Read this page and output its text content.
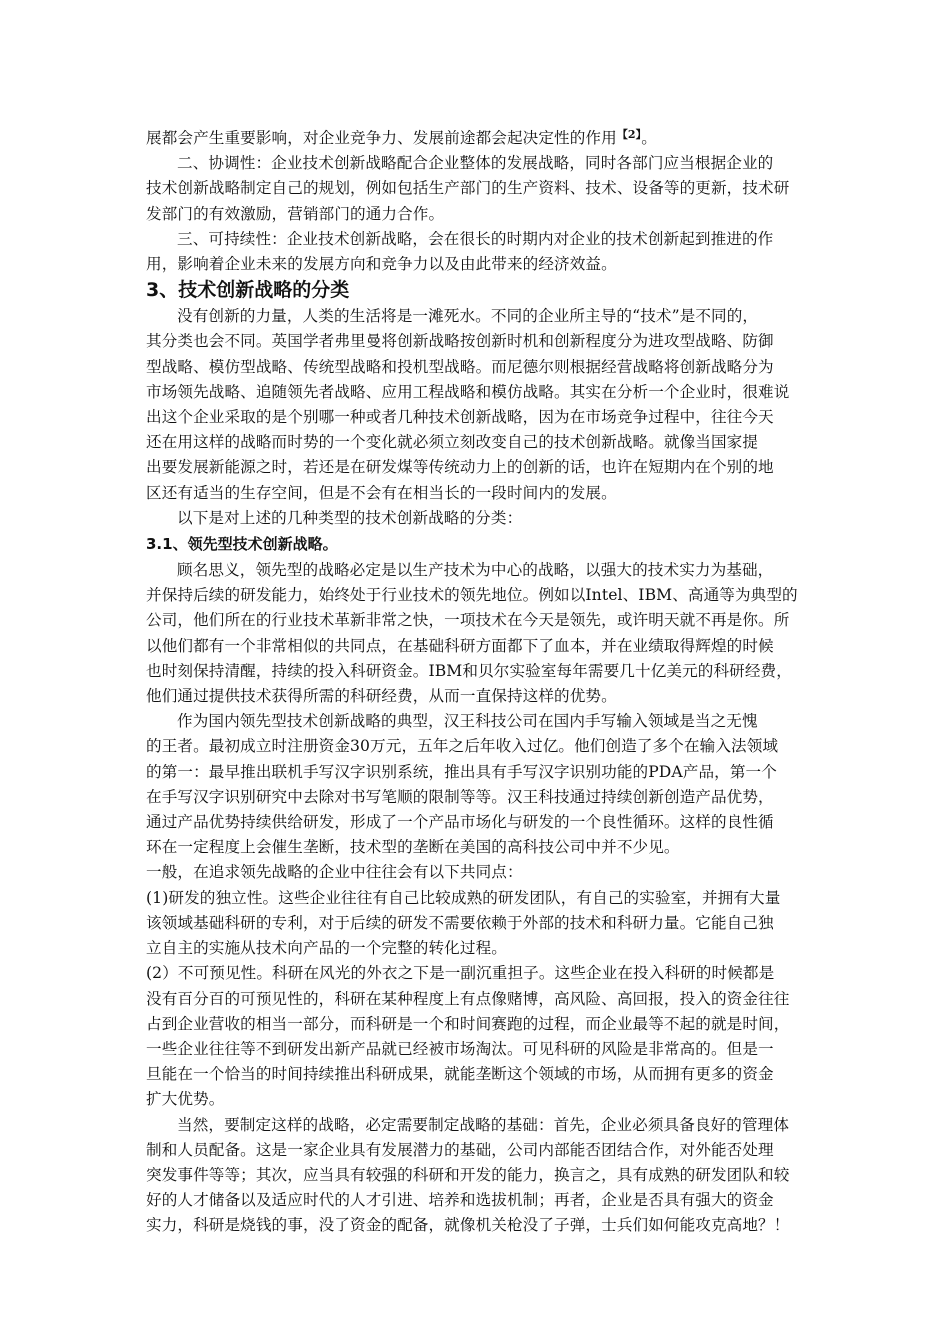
展都会产生重要影响，对企业竞争力、发展前途都会起决定性的作用$^{【2】}$。
二、协调性：企业技术创新战略配合企业整体的发展战略，同时各部门应当根据企业的
技术创新战略制定自己的规划，例如包括生产部门的生产资料、技术、设备等的更新，技术研
发部门的有效激励，营销部门的通力合作。
三、可持续性：企业技术创新战略，会在很长的时期内对企业的技术创新起到推进的作
用，影响着企业未来的发展方向和竞争力以及由此带来的经济效益。
3、技术创新战略的分类
没有创新的力量，人类的生活将是一滩死水。不同的企业所主导的“技术”是不同的，
其分类也会不同。英国学者弗里曼将创新战略按创新时机和创新程度分为进攻型战略、防御
型战略、模仿型战略、传统型战略和投机型战略。而尼德尔则根据经营战略将创新战略分为
市场领先战略、追随领先者战略、应用工程战略和模仿战略。其实在分析一个企业时，很难说
出这个企业采取的是个别哪一种或者几种技术创新战略，因为在市场竞争过程中，往往今天
还在用这样的战略而时势的一个变化就必须立刻改变自己的技术创新战略。就像当国家提
出要发展新能源之时，若还是在研发煤等传统动力上的创新的话，也许在短期内在个别的地
区还有适当的生存空间，但是不会有在相当长的一段时间内的发展。
以下是对上述的几种类型的技术创新战略的分类：
3.1、领先型技术创新战略。
顾名思义，领先型的战略必定是以生产技术为中心的战略，以强大的技术实力为基础，
并保持后续的研发能力，始终处于行业技术的领先地位。例如以Intel、IBM、高通等为典型的
公司，他们所在的行业技术革新非常之快，一项技术在今天是领先，或许明天就不再是你。所
以他们都有一个非常相似的共同点，在基础科研方面都下了血本，并在业绩取得辉煌的时候
也时刻保持清醒，持续的投入科研资金。IBM和贝尔实验室每年需要几十亿美元的科研经费，
他们通过提供技术获得所需的科研经费，从而一直保持这样的优势。
作为国内领先型技术创新战略的典型，汉王科技公司在国内手写输入领域是当之无愧
的王者。最初成立时注册资金30万元，五年之后年收入过亿。他们创造了多个在输入法领域
的第一：最早推出联机手写汉字识别系统，推出具有手写汉字识别功能的PDA产品，第一个
在手写汉字识别研究中去除对书写笔顺的限制等等。汉王科技通过持续创新创造产品优势，
通过产品优势持续供给研发，形成了一个产品市场化与研发的一个良性循环。这样的良性循
环在一定程度上会催生垄断，技术型的垄断在美国的高科技公司中并不少见。
一般，在追求领先战略的企业中往往会有以下共同点：
(1)研发的独立性。这些企业往往有自己比较成熟的研发团队，有自己的实验室，并拥有大量
该领域基础科研的专利，对于后续的研发不需要依赖于外部的技术和科研力量。它能自己独
立自主的实施从技术向产品的一个完整的转化过程。
(2）不可预见性。科研在风光的外衣之下是一副沉重担子。这些企业在投入科研的时候都是
没有百分百的可预见性的，科研在某种程度上有点像赌博，高风险、高回报，投入的资金往往
占到企业营收的相当一部分，而科研是一个和时间赛跑的过程，而企业最等不起的就是时间，
一些企业往往等不到研发出新产品就已经被市场淘汰。可见科研的风险是非常高的。但是一
旦能在一个恰当的时间持续推出科研成果，就能垄断这个领域的市场，从而拥有更多的资金
扩大优势。
当然，要制定这样的战略，必定需要制定战略的基础：首先，企业必须具备良好的管理体
制和人员配备。这是一家企业具有发展潜力的基础，公司内部能否团结合作，对外能否处理
突发事件等等；其次，应当具有较强的科研和开发的能力，换言之，具有成熟的研发团队和较
好的人才储备以及适应时代的人才引进、培养和选拔机制；再者，企业是否具有强大的资金
实力，科研是烧钱的事，没了资金的配备，就像机关枪没了子弹，士兵们如何能攻克高地？！
